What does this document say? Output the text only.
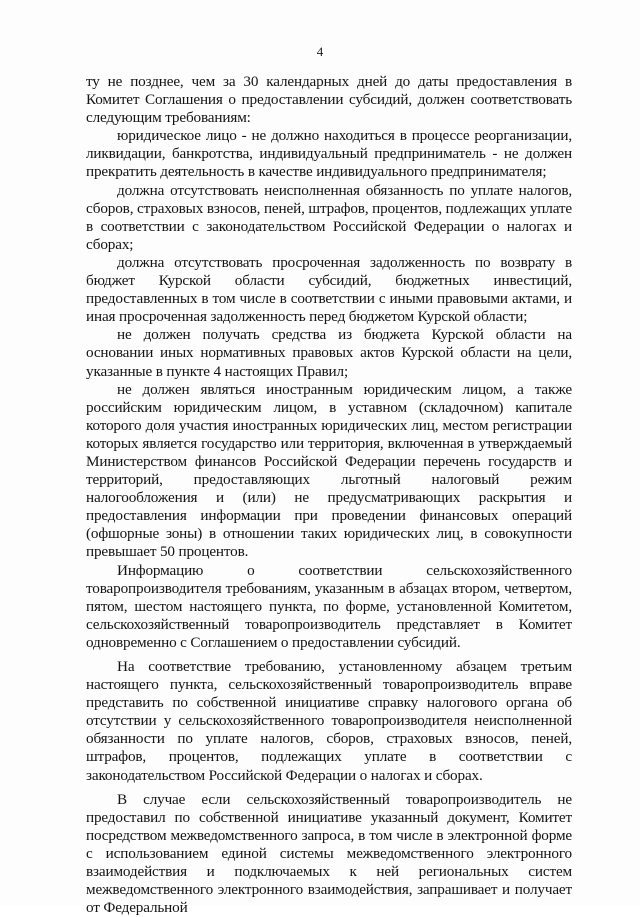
4

ту не позднее, чем за 30 календарных дней до даты предоставления в Комитет Соглашения о предоставлении субсидий, должен соответствовать следующим требованиям:

юридическое лицо - не должно находиться в процессе реорганизации, ликвидации, банкротства, индивидуальный предприниматель - не должен прекратить деятельность в качестве индивидуального предпринимателя;

должна отсутствовать неисполненная обязанность по уплате налогов, сборов, страховых взносов, пеней, штрафов, процентов, подлежащих уплате в соответствии с законодательством Российской Федерации о налогах и сборах;

должна отсутствовать просроченная задолженность по возврату в бюджет Курской области субсидий, бюджетных инвестиций, предоставленных в том числе в соответствии с иными правовыми актами, и иная просроченная задолженность перед бюджетом Курской области;

не должен получать средства из бюджета Курской области на основании иных нормативных правовых актов Курской области на цели, указанные в пункте 4 настоящих Правил;

не должен являться иностранным юридическим лицом, а также российским юридическим лицом, в уставном (складочном) капитале которого доля участия иностранных юридических лиц, местом регистрации которых является государство или территория, включенная в утверждаемый Министерством финансов Российской Федерации перечень государств и территорий, предоставляющих льготный налоговый режим налогообложения и (или) не предусматривающих раскрытия и предоставления информации при проведении финансовых операций (офшорные зоны) в отношении таких юридических лиц, в совокупности превышает 50 процентов.

Информацию о соответствии сельскохозяйственного товаропроизводителя требованиям, указанным в абзацах втором, четвертом, пятом, шестом настоящего пункта, по форме, установленной Комитетом, сельскохозяйственный товаропроизводитель представляет в Комитет одновременно с Соглашением о предоставлении субсидий.

На соответствие требованию, установленному абзацем третьим настоящего пункта, сельскохозяйственный товаропроизводитель вправе представить по собственной инициативе справку налогового органа об отсутствии у сельскохозяйственного товаропроизводителя неисполненной обязанности по уплате налогов, сборов, страховых взносов, пеней, штрафов, процентов, подлежащих уплате в соответствии с законодательством Российской Федерации о налогах и сборах.

В случае если сельскохозяйственный товаропроизводитель не предоставил по собственной инициативе указанный документ, Комитет посредством межведомственного запроса, в том числе в электронной форме с использованием единой системы межведомственного электронного взаимодействия и подключаемых к ней региональных систем межведомственного электронного взаимодействия, запрашивает и получает от Федеральной
